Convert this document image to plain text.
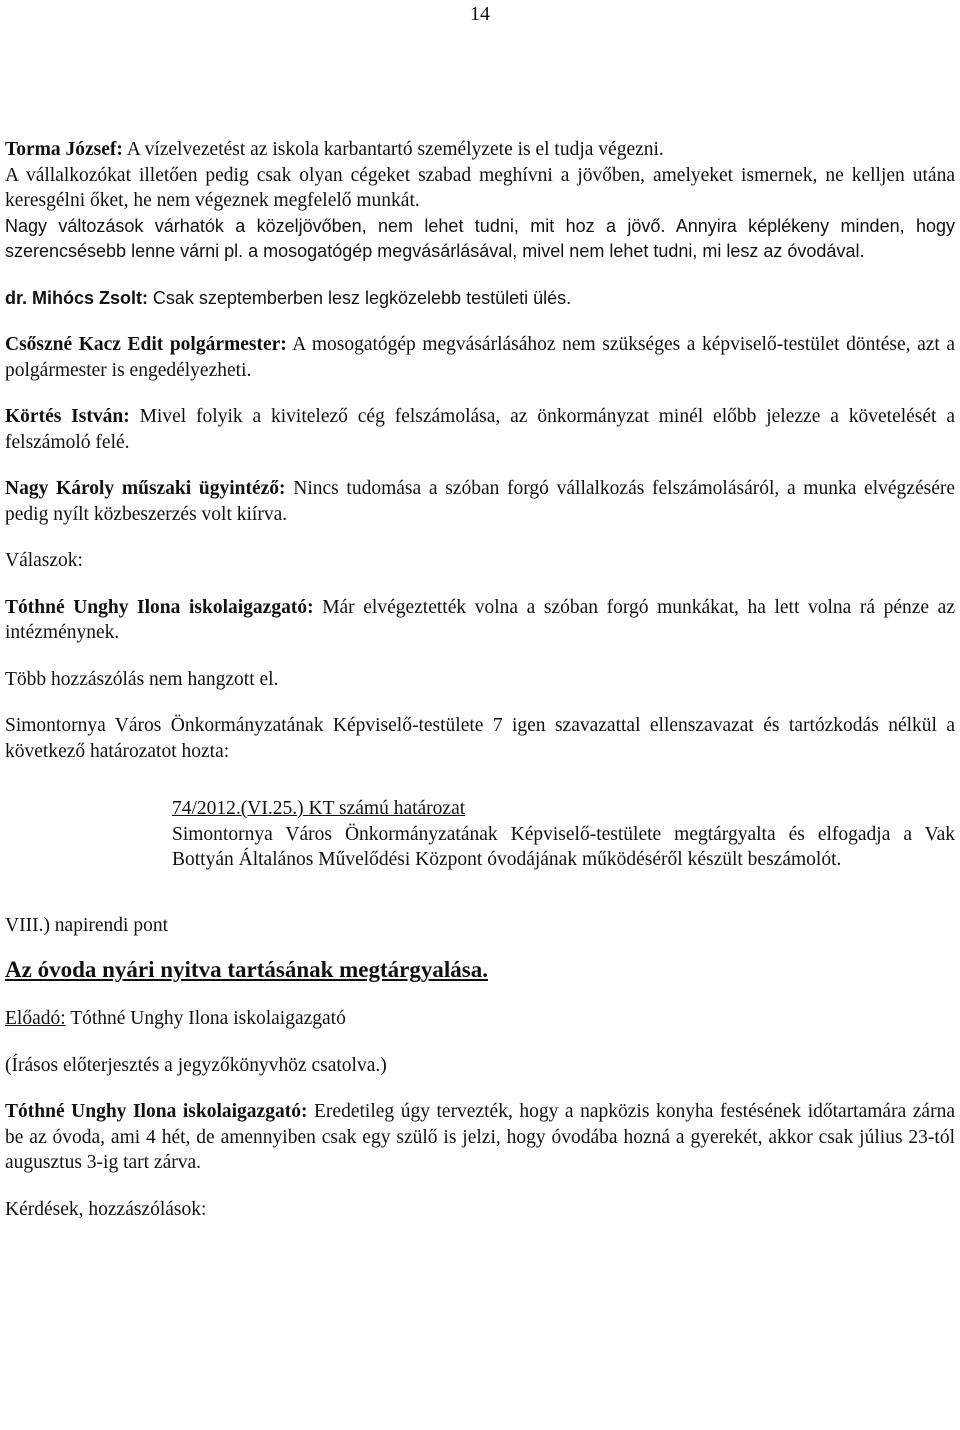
14

Torma József: A vízelvezetést az iskola karbantartó személyzete is el tudja végezni.

A vállalkozókat illetően pedig csak olyan cégeket szabad meghívni a jövőben, amelyeket ismernek, ne kelljen utána keresgélni őket, he nem végeznek megfelelő munkát.

Nagy változások várhatók a közeljövőben, nem lehet tudni, mit hoz a jövő. Annyira képlékeny minden, hogy szerencsésebb lenne várni pl. a mosogatógép megvásárlásával, mivel nem lehet tudni, mi lesz az óvodával.

dr. Mihócs Zsolt: Csak szeptemberben lesz legközelebb testületi ülés.

Csőszné Kacz Edit polgármester: A mosogatógép megvásárlásához nem szükséges a képviselő-testület döntése, azt a polgármester is engedélyezheti.

Körtés István: Mivel folyik a kivitelező cég felszámolása, az önkormányzat minél előbb jelezze a követelését a felszámoló felé.

Nagy Károly műszaki ügyintéző: Nincs tudomása a szóban forgó vállalkozás felszámolásáról, a munka elvégzésére pedig nyílt közbeszerzés volt kiírva.

Válaszok:

Tóthné Unghy Ilona iskolaigazgató: Már elvégeztették volna a szóban forgó munkákat, ha lett volna rá pénze az intézménynek.

Több hozzászólás nem hangzott el.

Simontornya Város Önkormányzatának Képviselő-testülete 7 igen szavazattal ellenszavazat és tartózkodás nélkül a következő határozatot hozta:

74/2012.(VI.25.) KT számú határozat

Simontornya Város Önkormányzatának Képviselő-testülete megtárgyalta és elfogadja a Vak Bottyán Általános Művelődési Központ óvodájának működéséről készült beszámolót.

VIII.) napirendi pont

Az óvoda nyári nyitva tartásának megtárgyalása.

Előadó: Tóthné Unghy Ilona iskolaigazgató

(Írásos előterjesztés a jegyzőkönyvhöz csatolva.)

Tóthné Unghy Ilona iskolaigazgató: Eredetileg úgy tervezték, hogy a napközis konyha festésének időtartamára zárna be az óvoda, ami 4 hét, de amennyiben csak egy szülő is jelzi, hogy óvodába hozná a gyerekét, akkor csak július 23-tól augusztus 3-ig tart zárva.

Kérdések, hozzászólások:
